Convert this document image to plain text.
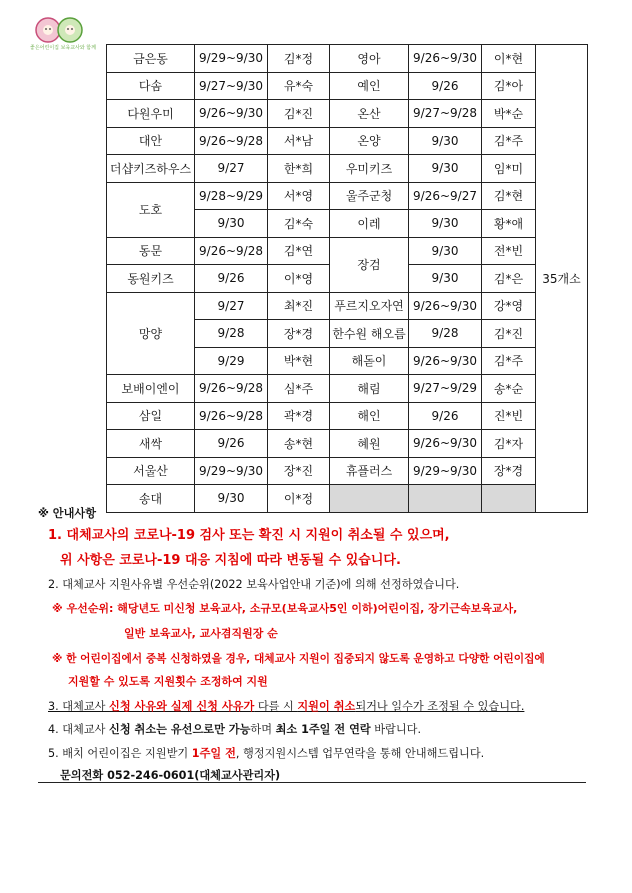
좋은어린이집 보육교사와 함께
금은동	9/29~9/30	김*정	영아	9/26~9/30	이*현	35개소
다솜	9/27~9/30	유*숙	예인	9/26	김*아	
다원우미	9/26~9/30	김*진	온산	9/27~9/28	박*순	
대안	9/26~9/28	서*남	온양	9/30	김*주	
더샵키즈하우스	9/27	한*희	우미키즈	9/30	임*미	
도호	9/28~9/29	서*영	울주군청	9/26~9/27	김*현	
	9/30	김*숙	이레	9/30	황*애	
동문	9/26~9/28	김*연	장검	9/30	전*빈	
동원키즈	9/26	이*영		9/30	김*은	
망양	9/27	최*진	푸르지오자연	9/26~9/30	강*영	
	9/28	장*경	한수원 해오름	9/28	김*진	
	9/29	박*현	해돋이	9/26~9/30	김*주	
보배이엔이	9/26~9/28	심*주	해림	9/27~9/29	송*순	
삼일	9/26~9/28	곽*경	해인	9/26	진*빈	
새싹	9/26	송*현	혜원	9/26~9/30	김*자	
서울산	9/29~9/30	장*진	휴플러스	9/29~9/30	장*경	
송대	9/30	이*정				
※ 안내사항
1. 대체교사의 코로나-19 검사 또는 확진 시 지원이 취소될 수 있으며,
위 사항은 코로나-19 대응 지침에 따라 변동될 수 있습니다.
2. 대체교사 지원사유별 우선순위(2022 보육사업안내 기준)에 의해 선정하였습니다.
※ 우선순위: 해당년도 미신청 보육교사, 소규모(보육교사5인 이하)어린이집, 장기근속보육교사,
일반 보육교사, 교사겸직원장 순
※ 한 어린이집에서 중복 신청하였을 경우, 대체교사 지원이 집중되지 않도록 운영하고 다양한 어린이집에
지원할 수 있도록 지원횟수 조정하여 지원
3. 대체교사 신청 사유와 실제 신청 사유가 다를 시 지원이 취소되거나 일수가 조정될 수 있습니다.
4. 대체교사 신청 취소는 유선으로만 가능하며 최소 1주일 전 연락 바랍니다.
5. 배치 어린이집은 지원받기 1주일 전, 행정지원시스템 업무연락을 통해 안내해드립니다.
문의전화 052-246-0601(대체교사관리자)
